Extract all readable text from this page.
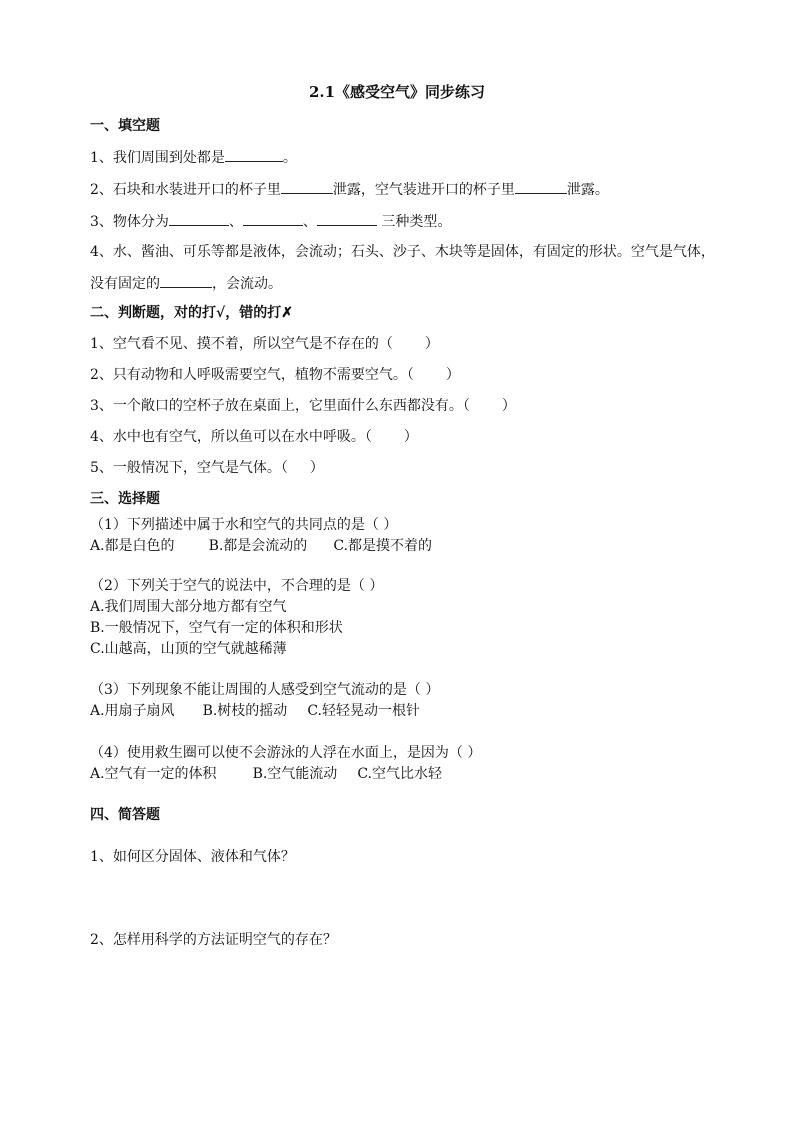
2.1《感受空气》同步练习
一、填空题
1、我们周围到处都是	。
2、石块和水装进开口的杯子里	泄露，空气装进开口的杯子里	泄露。
3、物体分为	、	、	三种类型。
4、水、酱油、可乐等都是液体，会流动；石头、沙子、木块等是固体，有固定的形状。空气是气体，
没有固定的	，会流动。
二、判断题，对的打√，错的打✗
1、空气看不见、摸不着，所以空气是不存在的（ ）
2、只有动物和人呼吸需要空气，植物不需要空气。（ ）
3、一个敞口的空杯子放在桌面上，它里面什么东西都没有。（ ）
4、水中也有空气，所以鱼可以在水中呼吸。（ ）
5、一般情况下，空气是气体。（ ）
三、选择题
（1）下列描述中属于水和空气的共同点的是（ ）
A.都是白色的 B.都是会流动的 C.都是摸不着的
（2）下列关于空气的说法中，不合理的是（ ）
A.我们周围大部分地方都有空气
B.一般情况下，空气有一定的体积和形状
C.山越高，山顶的空气就越稀薄
（3）下列现象不能让周围的人感受到空气流动的是（ ）
A.用扇子扇风 B.树枝的摇动 C.轻轻晃动一根针
（4）使用救生圈可以使不会游泳的人浮在水面上，是因为（ ）
A.空气有一定的体积	B.空气能流动 C.空气比水轻
四、简答题
1、如何区分固体、液体和气体？
2、怎样用科学的方法证明空气的存在？
